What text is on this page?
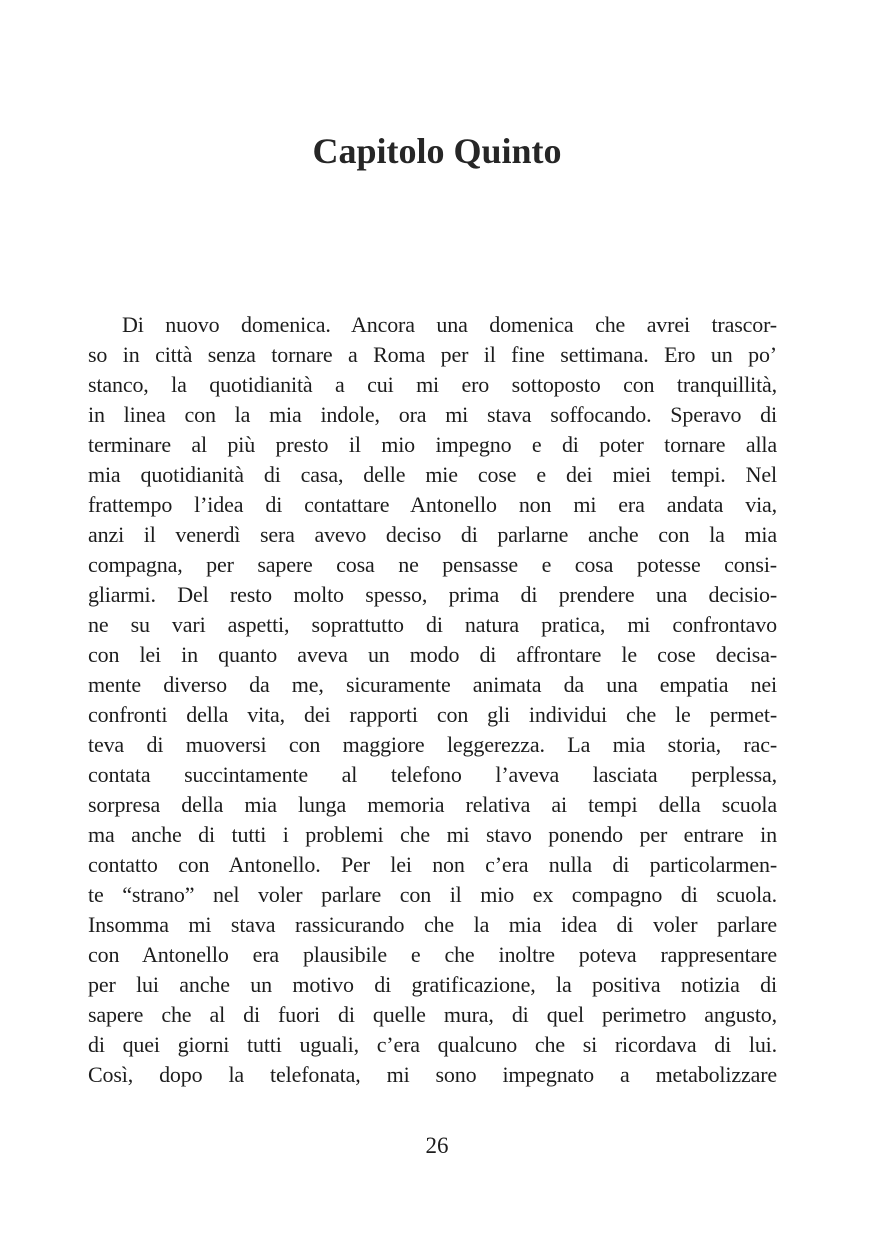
Capitolo Quinto
Di nuovo domenica. Ancora una domenica che avrei trascor-
so in città senza tornare a Roma per il fine settimana. Ero un po’
stanco, la quotidianità a cui mi ero sottoposto con tranquillità,
in linea con la mia indole, ora mi stava soffocando. Speravo di
terminare al più presto il mio impegno e di poter tornare alla
mia quotidianità di casa, delle mie cose e dei miei tempi. Nel
frattempo l’idea di contattare Antonello non mi era andata via,
anzi il venerdì sera avevo deciso di parlarne anche con la mia
compagna, per sapere cosa ne pensasse e cosa potesse consi-
gliarmi. Del resto molto spesso, prima di prendere una decisio-
ne su vari aspetti, soprattutto di natura pratica, mi confrontavo
con lei in quanto aveva un modo di affrontare le cose decisa-
mente diverso da me, sicuramente animata da una empatia nei
confronti della vita, dei rapporti con gli individui che le permet-
teva di muoversi con maggiore leggerezza. La mia storia, rac-
contata succintamente al telefono l’aveva lasciata perplessa,
sorpresa della mia lunga memoria relativa ai tempi della scuola
ma anche di tutti i problemi che mi stavo ponendo per entrare in
contatto con Antonello. Per lei non c’era nulla di particolarmen-
te “strano” nel voler parlare con il mio ex compagno di scuola.
Insomma mi stava rassicurando che la mia idea di voler parlare
con Antonello era plausibile e che inoltre poteva rappresentare
per lui anche un motivo di gratificazione, la positiva notizia di
sapere che al di fuori di quelle mura, di quel perimetro angusto,
di quei giorni tutti uguali, c’era qualcuno che si ricordava di lui.
Così, dopo la telefonata, mi sono impegnato a metabolizzare
26
